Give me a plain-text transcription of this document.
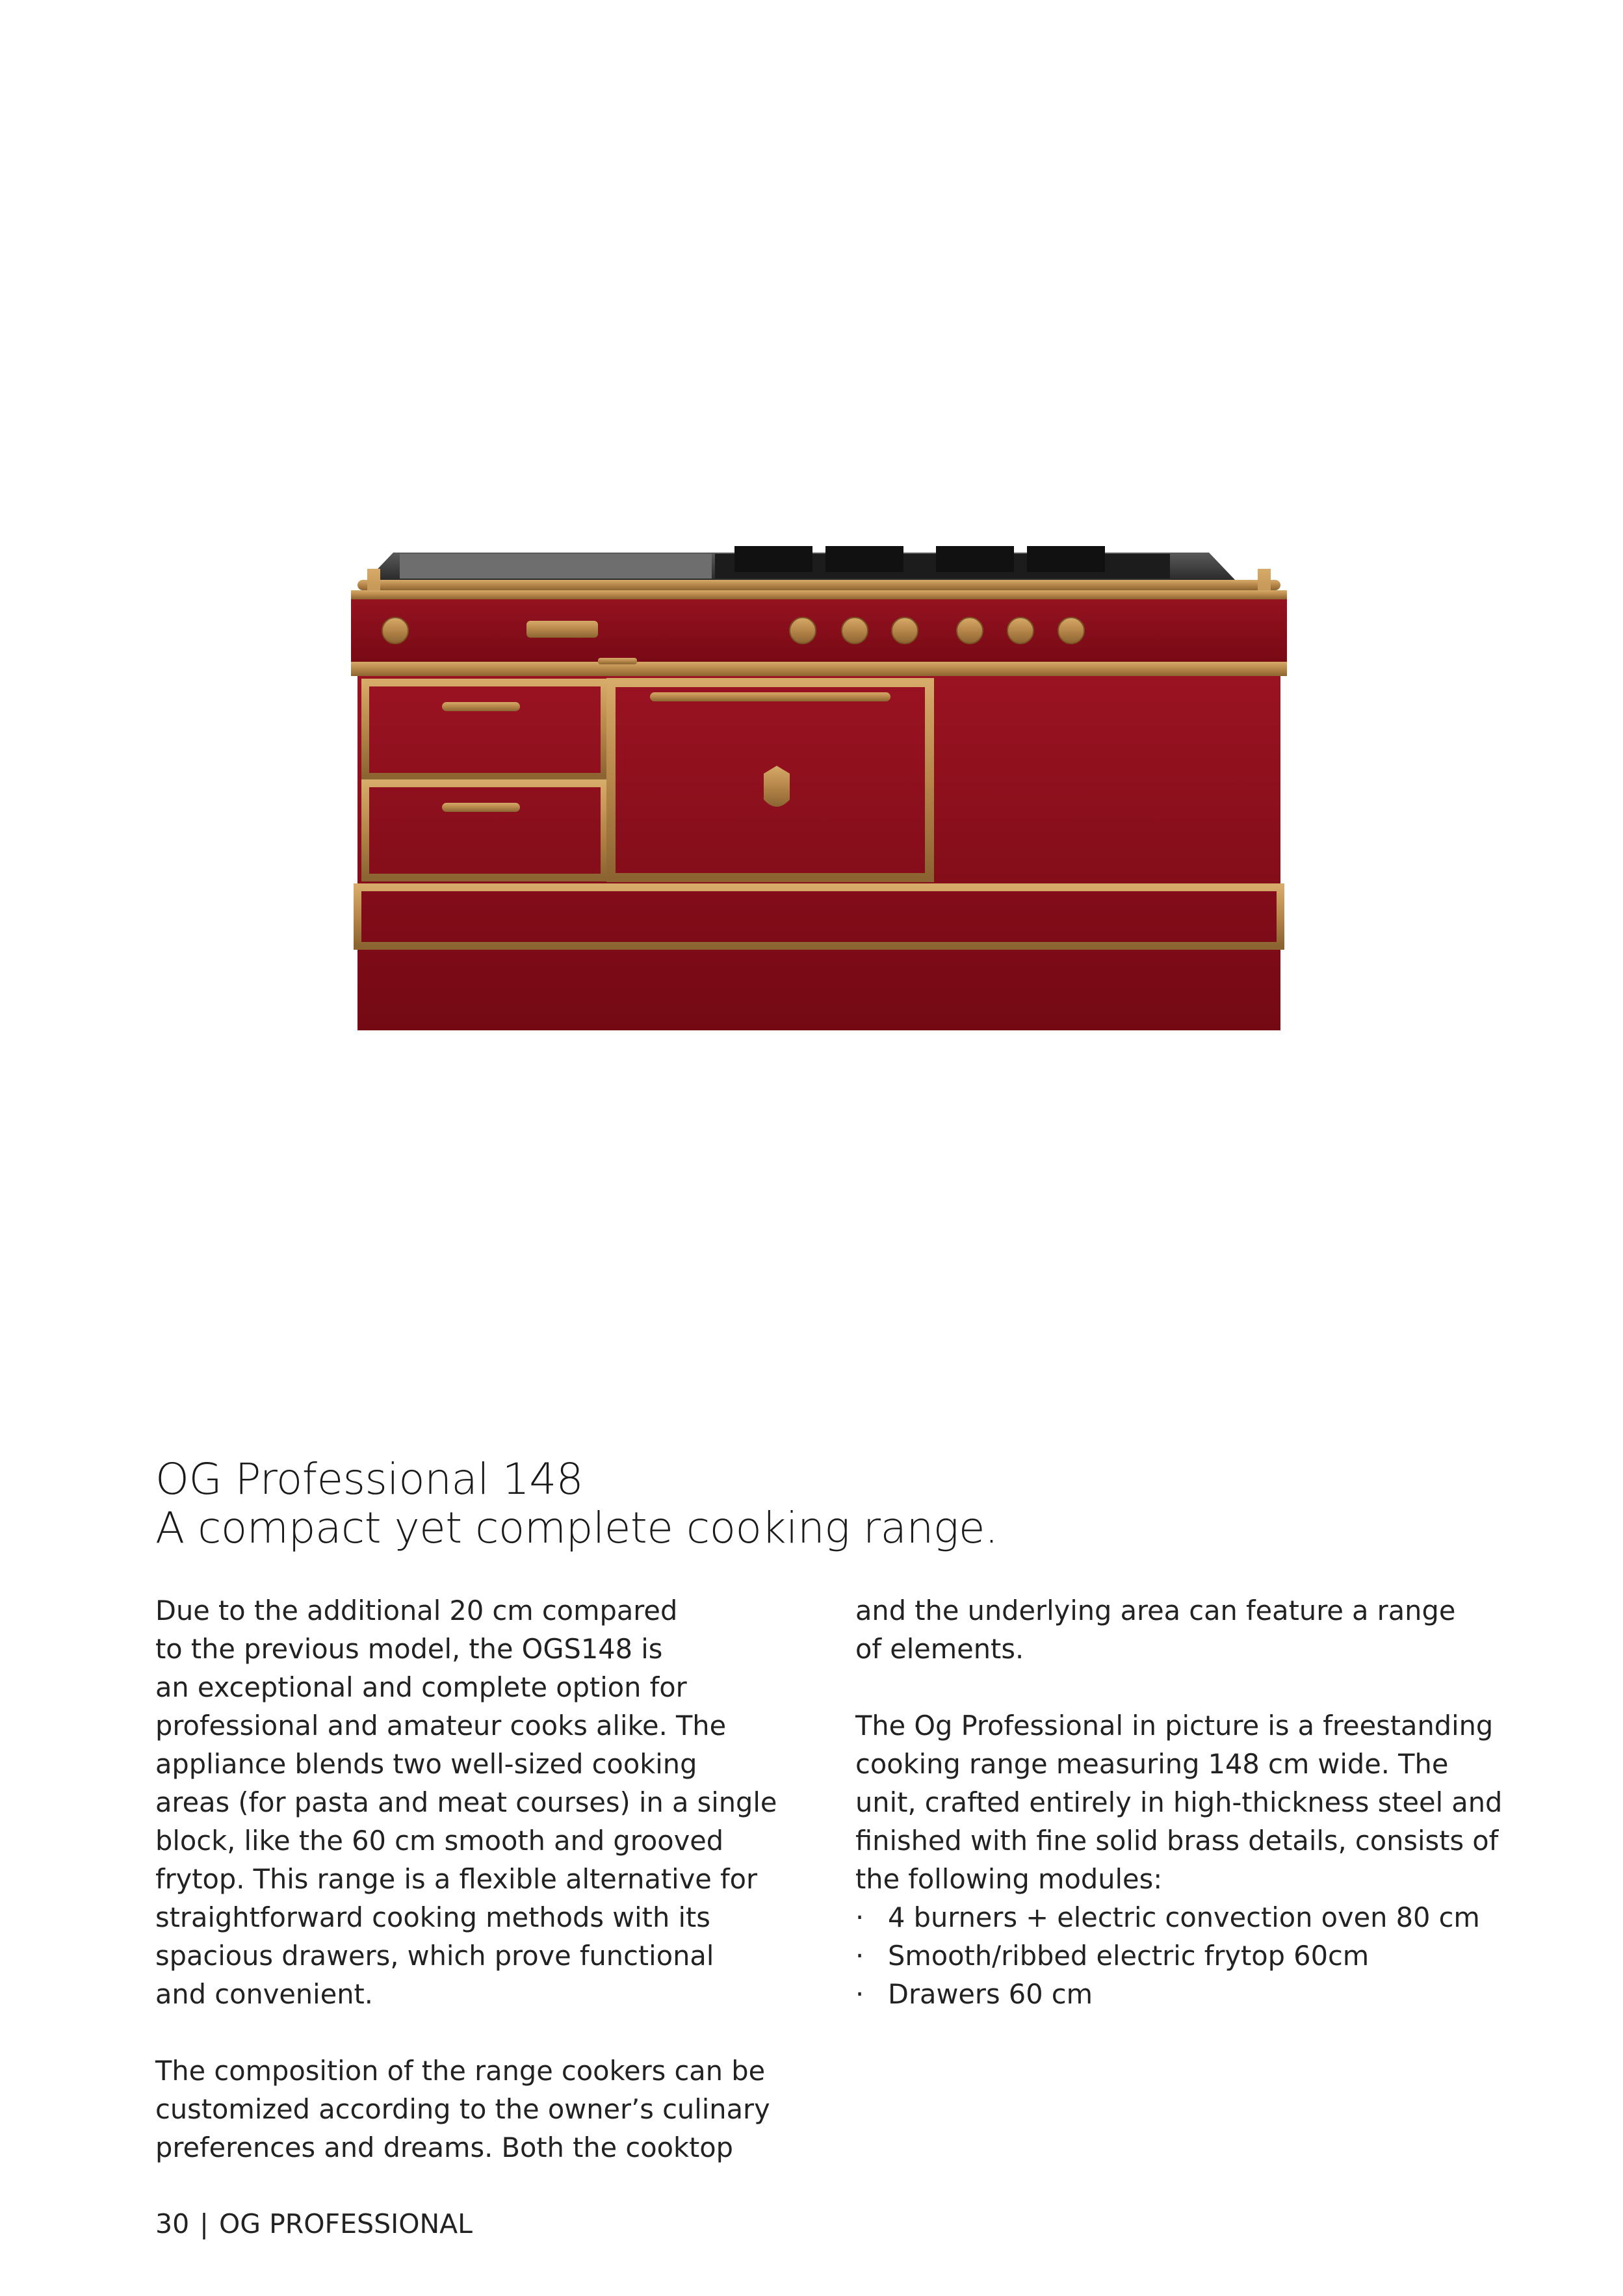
OG Professional 148
A compact yet complete cooking range.
Due to the additional 20 cm compared
to the previous model, the OGS148 is
an exceptional and complete option for
professional and amateur cooks alike. The
appliance blends two well-sized cooking
areas (for pasta and meat courses) in a single
block, like the 60 cm smooth and grooved
frytop. This range is a flexible alternative for
straightforward cooking methods with its
spacious drawers, which prove functional
and convenient.
The composition of the range cookers can be
customized according to the owner’s culinary
preferences and dreams. Both the cooktop
and the underlying area can feature a range
of elements.
The Og Professional in picture is a freestanding
cooking range measuring 148 cm wide. The
unit, crafted entirely in high-thickness steel and
finished with fine solid brass details, consists of
the following modules:
· 4 burners + electric convection oven 80 cm
· Smooth/ribbed electric frytop 60cm
· Drawers 60 cm
30 | OG PROFESSIONAL
